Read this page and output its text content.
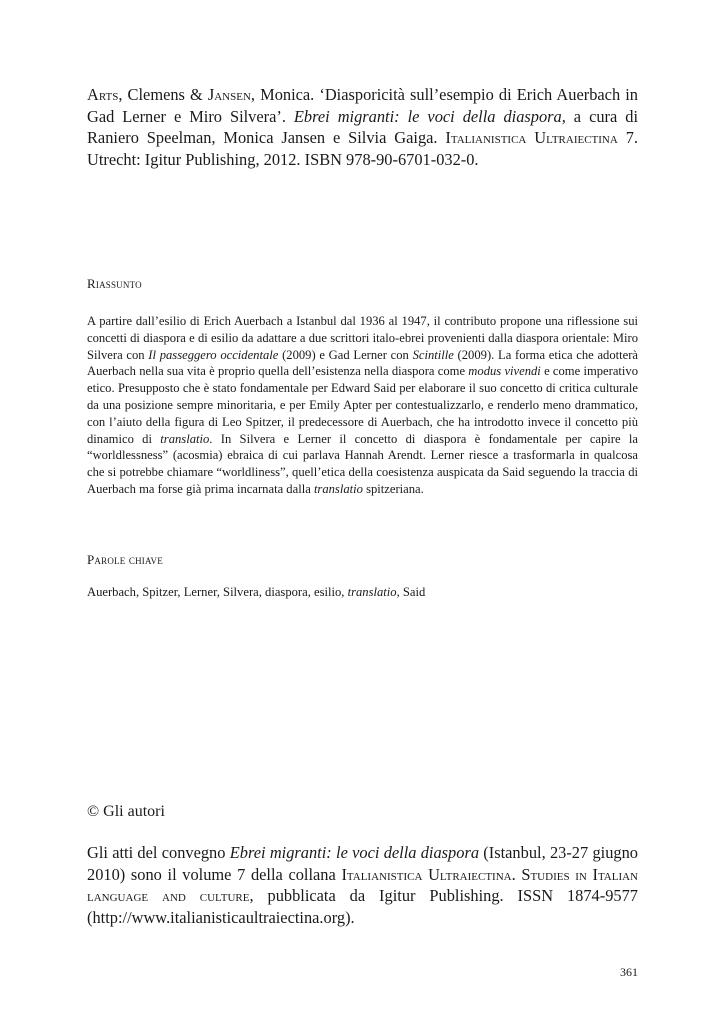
Arts, Clemens & Jansen, Monica. ‘Diasporicità sull’esempio di Erich Auerbach in Gad Lerner e Miro Silvera’. Ebrei migranti: le voci della diaspora, a cura di Raniero Speelman, Monica Jansen e Silvia Gaiga. Italianistica Ultraiectina 7. Utrecht: Igitur Publishing, 2012. ISBN 978-90-6701-032-0.

Riassunto

A partire dall’esilio di Erich Auerbach a Istanbul dal 1936 al 1947, il contributo propone una riflessione sui concetti di diaspora e di esilio da adattare a due scrittori italo-ebrei provenienti dalla diaspora orientale: Miro Silvera con Il passeggero occidentale (2009) e Gad Lerner con Scintille (2009). La forma etica che adotterà Auerbach nella sua vita è proprio quella dell’esistenza nella diaspora come modus vivendi e come imperativo etico. Presupposto che è stato fondamentale per Edward Said per elaborare il suo concetto di critica culturale da una posizione sempre minoritaria, e per Emily Apter per contestualizzarlo, e renderlo meno drammatico, con l’aiuto della figura di Leo Spitzer, il predecessore di Auerbach, che ha introdotto invece il concetto più dinamico di translatio. In Silvera e Lerner il concetto di diaspora è fondamentale per capire la “worldlessness” (acosmia) ebraica di cui parlava Hannah Arendt. Lerner riesce a trasformarla in qualcosa che si potrebbe chiamare “worldliness”, quell’etica della coesistenza auspicata da Said seguendo la traccia di Auerbach ma forse già prima incarnata dalla translatio spitzeriana.

Parole chiave

Auerbach, Spitzer, Lerner, Silvera, diaspora, esilio, translatio, Said

© Gli autori

Gli atti del convegno Ebrei migranti: le voci della diaspora (Istanbul, 23-27 giugno 2010) sono il volume 7 della collana Italianistica Ultraiectina. Studies in Italian language and culture, pubblicata da Igitur Publishing. ISSN 1874-9577 (http://www.italianisticaultraiectina.org).

361
